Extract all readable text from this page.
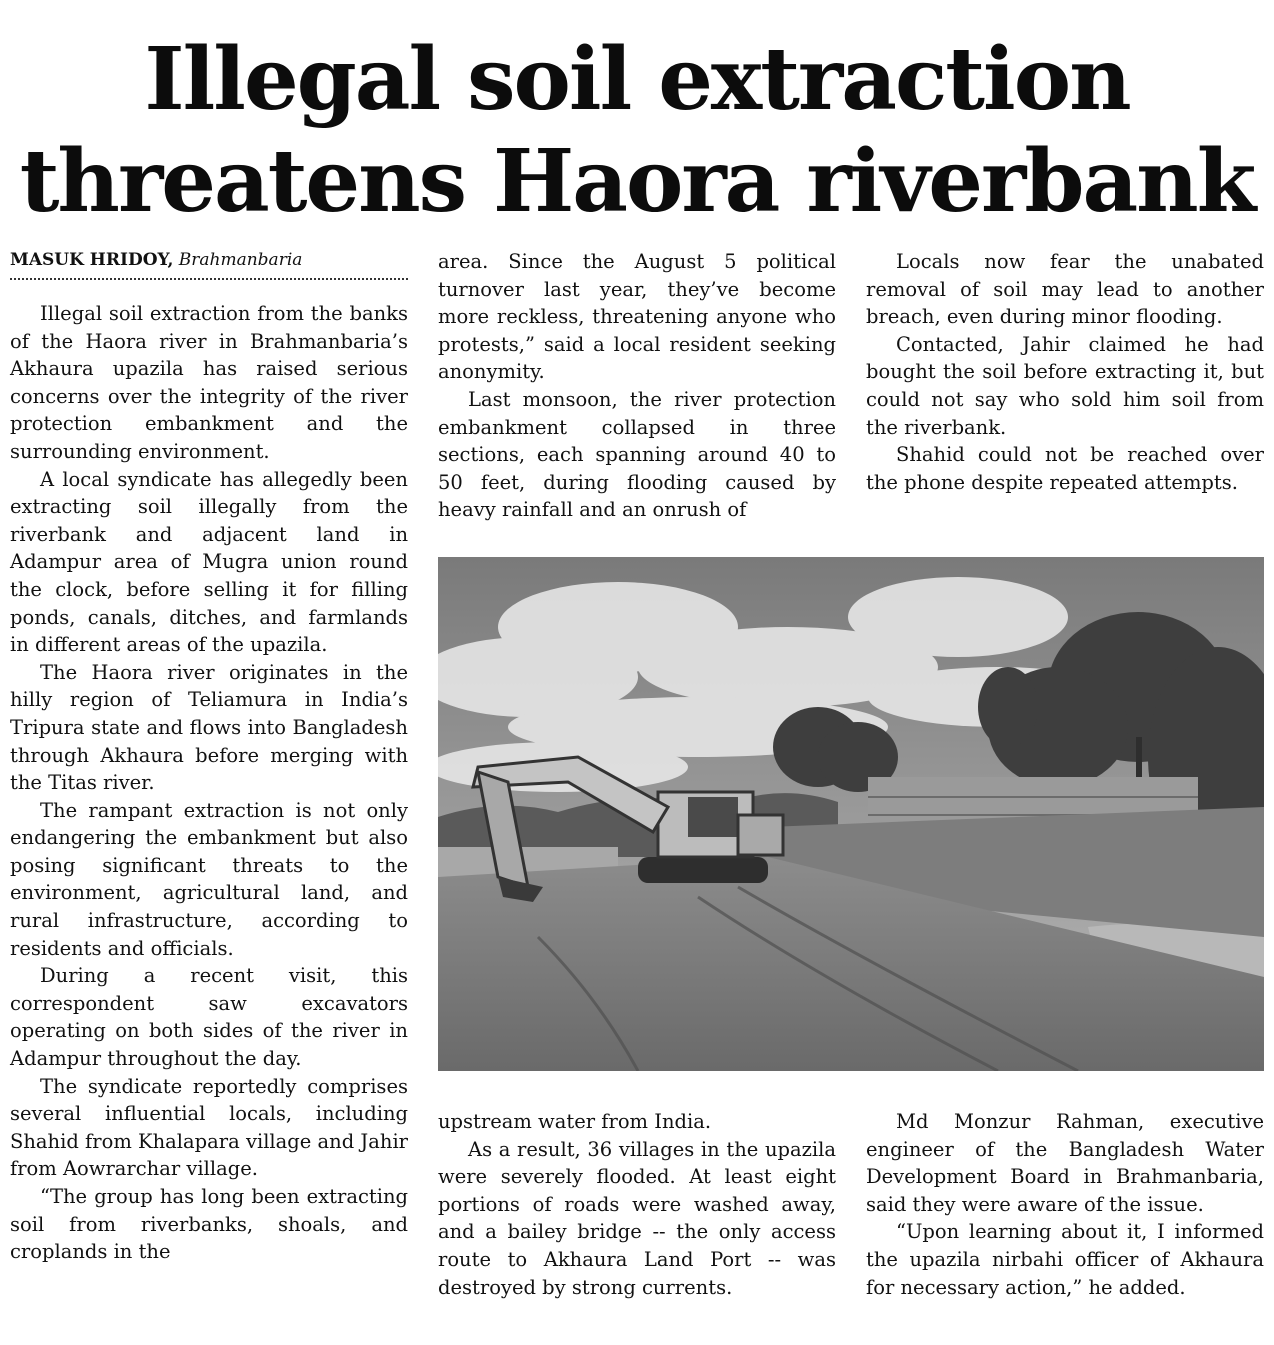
Illegal soil extraction
threatens Haora riverbank
MASUK HRIDOY, Brahmanbaria

Illegal soil extraction from the banks of the Haora river in Brahmanbaria’s Akhaura upazila has raised serious concerns over the integrity of the river protection embankment and the surrounding environment.

A local syndicate has allegedly been extracting soil illegally from the riverbank and adjacent land in Adampur area of Mugra union round the clock, before selling it for filling ponds, canals, ditches, and farmlands in different areas of the upazila.

The Haora river originates in the hilly region of Teliamura in India’s Tripura state and flows into Bangladesh through Akhaura before merging with the Titas river.

The rampant extraction is not only endangering the embankment but also posing significant threats to the environment, agricultural land, and rural infrastructure, according to residents and officials.

During a recent visit, this correspondent saw excavators operating on both sides of the river in Adampur throughout the day.

The syndicate reportedly comprises several influential locals, including Shahid from Khalapara village and Jahir from Aowrarchar village.

“The group has long been extracting soil from riverbanks, shoals, and croplands in the

area. Since the August 5 political turnover last year, they’ve become more reckless, threatening anyone who protests,” said a local resident seeking anonymity.

Last monsoon, the river protection embankment collapsed in three sections, each spanning around 40 to 50 feet, during flooding caused by heavy rainfall and an onrush of

Locals now fear the unabated removal of soil may lead to another breach, even during minor flooding.

Contacted, Jahir claimed he had bought the soil before extracting it, but could not say who sold him soil from the riverbank.

Shahid could not be reached over the phone despite repeated attempts.

upstream water from India.

As a result, 36 villages in the upazila were severely flooded. At least eight portions of roads were washed away, and a bailey bridge -- the only access route to Akhaura Land Port -- was destroyed by strong currents.

Md Monzur Rahman, executive engineer of the Bangladesh Water Development Board in Brahmanbaria, said they were aware of the issue.

“Upon learning about it, I informed the upazila nirbahi officer of Akhaura for necessary action,” he added.
